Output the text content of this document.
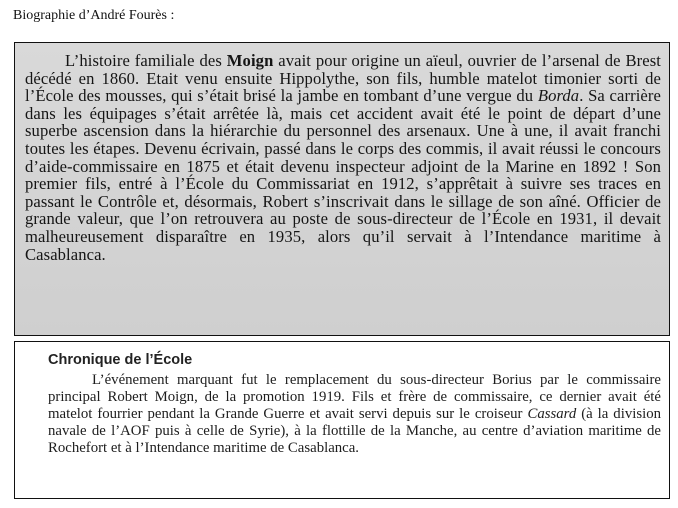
Biographie d’André Fourès :

L’histoire familiale des Moign avait pour origine un aïeul, ouvrier de l’arsenal de Brest décédé en 1860. Etait venu ensuite Hippolythe, son fils, humble matelot timonier sorti de l’École des mousses, qui s’était brisé la jambe en tombant d’une vergue du Borda. Sa carrière dans les équipages s’était arrêtée là, mais cet accident avait été le point de départ d’une superbe ascension dans la hiérarchie du personnel des arsenaux. Une à une, il avait franchi toutes les étapes. Devenu écrivain, passé dans le corps des commis, il avait réussi le concours d’aide-commissaire en 1875 et était devenu inspecteur adjoint de la Marine en 1892 ! Son premier fils, entré à l’École du Commissariat en 1912, s’apprêtait à suivre ses traces en passant le Contrôle et, désormais, Robert s’inscrivait dans le sillage de son aîné. Officier de grande valeur, que l’on retrouvera au poste de sous-directeur de l’École en 1931, il devait malheureusement disparaître en 1935, alors qu’il servait à l’Intendance maritime à Casablanca.

Chronique de l’École

L’événement marquant fut le remplacement du sous-directeur Borius par le commissaire principal Robert Moign, de la promotion 1919. Fils et frère de commissaire, ce dernier avait été matelot fourrier pendant la Grande Guerre et avait servi depuis sur le croiseur Cassard (à la division navale de l’AOF puis à celle de Syrie), à la flottille de la Manche, au centre d’aviation maritime de Rochefort et à l’Intendance maritime de Casablanca.
